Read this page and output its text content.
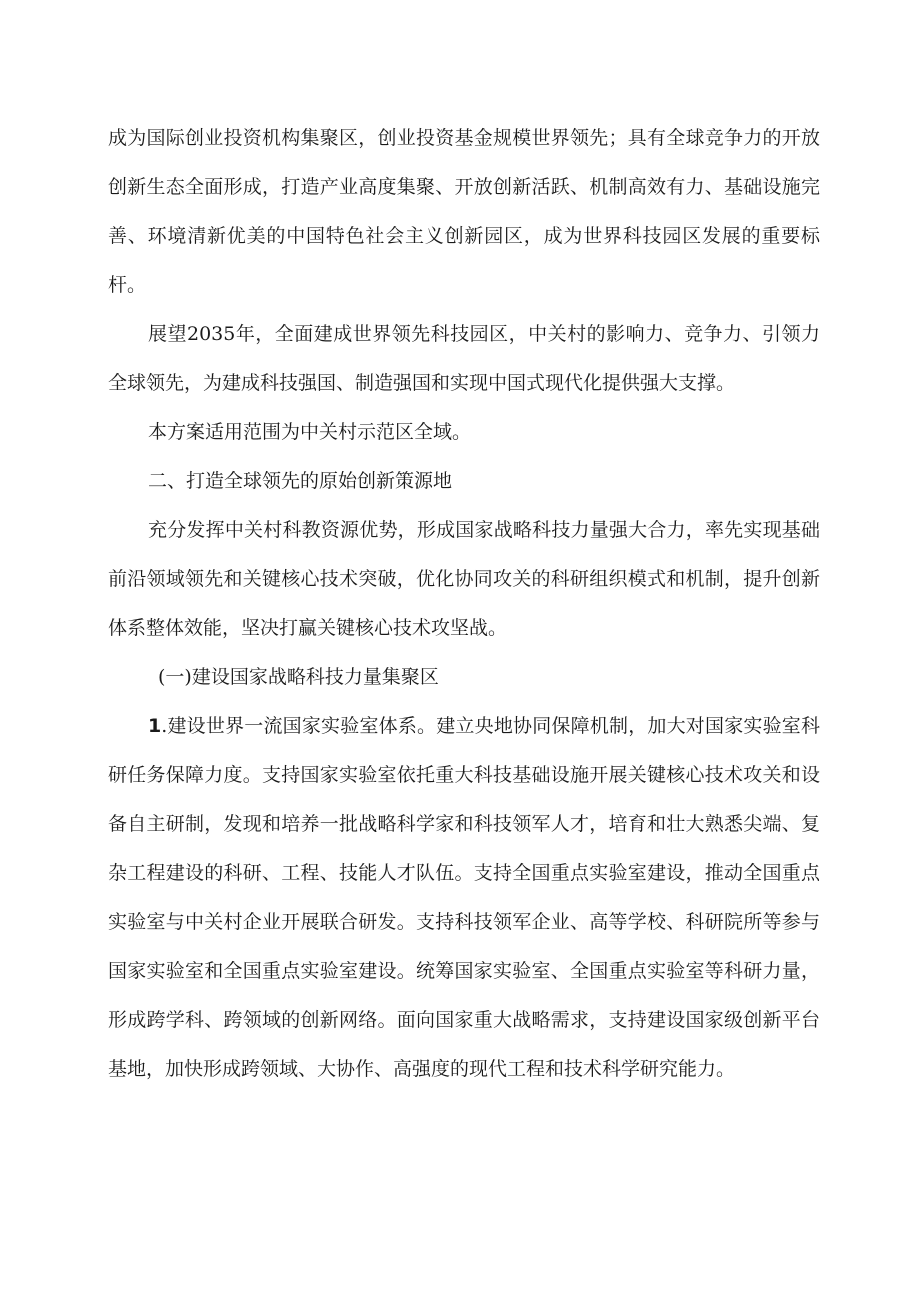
成为国际创业投资机构集聚区，创业投资基金规模世界领先；具有全球竞争力的开放创新生态全面形成，打造产业高度集聚、开放创新活跃、机制高效有力、基础设施完善、环境清新优美的中国特色社会主义创新园区，成为世界科技园区发展的重要标杆。

展望2035年，全面建成世界领先科技园区，中关村的影响力、竞争力、引领力全球领先，为建成科技强国、制造强国和实现中国式现代化提供强大支撑。

本方案适用范围为中关村示范区全域。

二、打造全球领先的原始创新策源地

充分发挥中关村科教资源优势，形成国家战略科技力量强大合力，率先实现基础前沿领域领先和关键核心技术突破，优化协同攻关的科研组织模式和机制，提升创新体系整体效能，坚决打赢关键核心技术攻坚战。

(一)建设国家战略科技力量集聚区

1.建设世界一流国家实验室体系。建立央地协同保障机制，加大对国家实验室科研任务保障力度。支持国家实验室依托重大科技基础设施开展关键核心技术攻关和设备自主研制，发现和培养一批战略科学家和科技领军人才，培育和壮大熟悉尖端、复杂工程建设的科研、工程、技能人才队伍。支持全国重点实验室建设，推动全国重点实验室与中关村企业开展联合研发。支持科技领军企业、高等学校、科研院所等参与国家实验室和全国重点实验室建设。统筹国家实验室、全国重点实验室等科研力量，形成跨学科、跨领域的创新网络。面向国家重大战略需求，支持建设国家级创新平台基地，加快形成跨领域、大协作、高强度的现代工程和技术科学研究能力。
